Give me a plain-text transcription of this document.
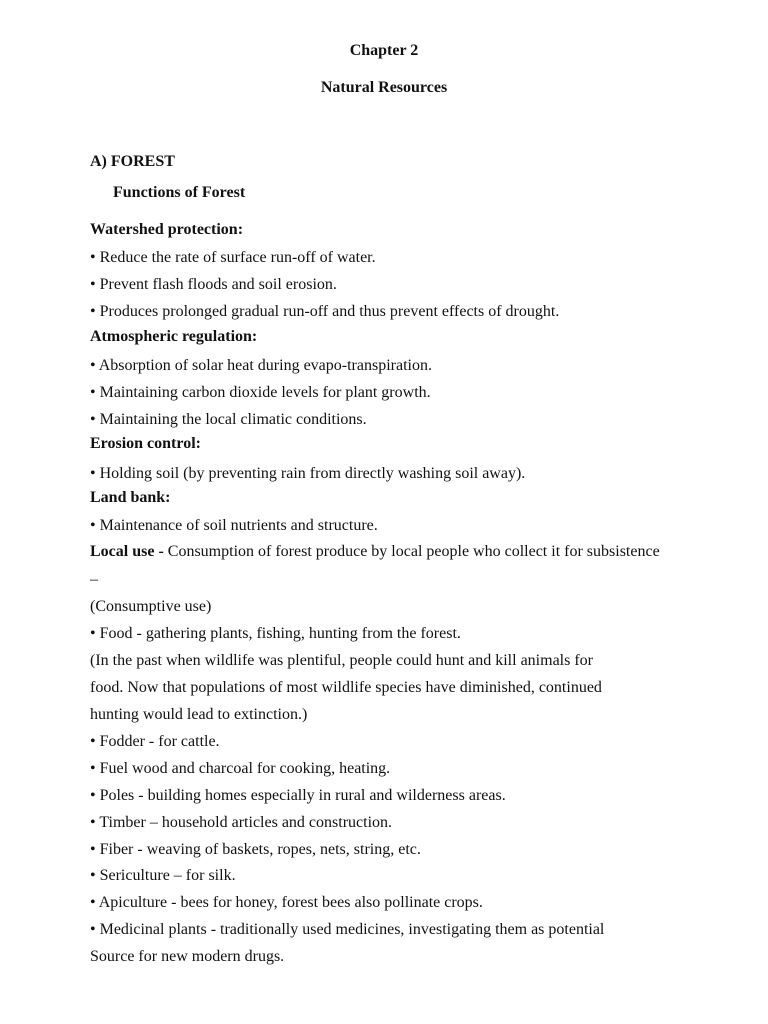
Chapter 2
Natural Resources
A) FOREST
Functions of Forest
Watershed protection:
• Reduce the rate of surface run-off of water.
• Prevent flash floods and soil erosion.
• Produces prolonged gradual run-off and thus prevent effects of drought.
Atmospheric regulation:
• Absorption of solar heat during evapo-transpiration.
• Maintaining carbon dioxide levels for plant growth.
• Maintaining the local climatic conditions.
Erosion control:
• Holding soil (by preventing rain from directly washing soil away).
Land bank:
• Maintenance of soil nutrients and structure.
Local use - Consumption of forest produce by local people who collect it for subsistence
–
(Consumptive use)
• Food - gathering plants, fishing, hunting from the forest.
(In the past when wildlife was plentiful, people could hunt and kill animals for
food. Now that populations of most wildlife species have diminished, continued
hunting would lead to extinction.)
• Fodder - for cattle.
• Fuel wood and charcoal for cooking, heating.
• Poles - building homes especially in rural and wilderness areas.
• Timber – household articles and construction.
• Fiber - weaving of baskets, ropes, nets, string, etc.
• Sericulture – for silk.
• Apiculture - bees for honey, forest bees also pollinate crops.
• Medicinal plants - traditionally used medicines, investigating them as potential
Source for new modern drugs.
